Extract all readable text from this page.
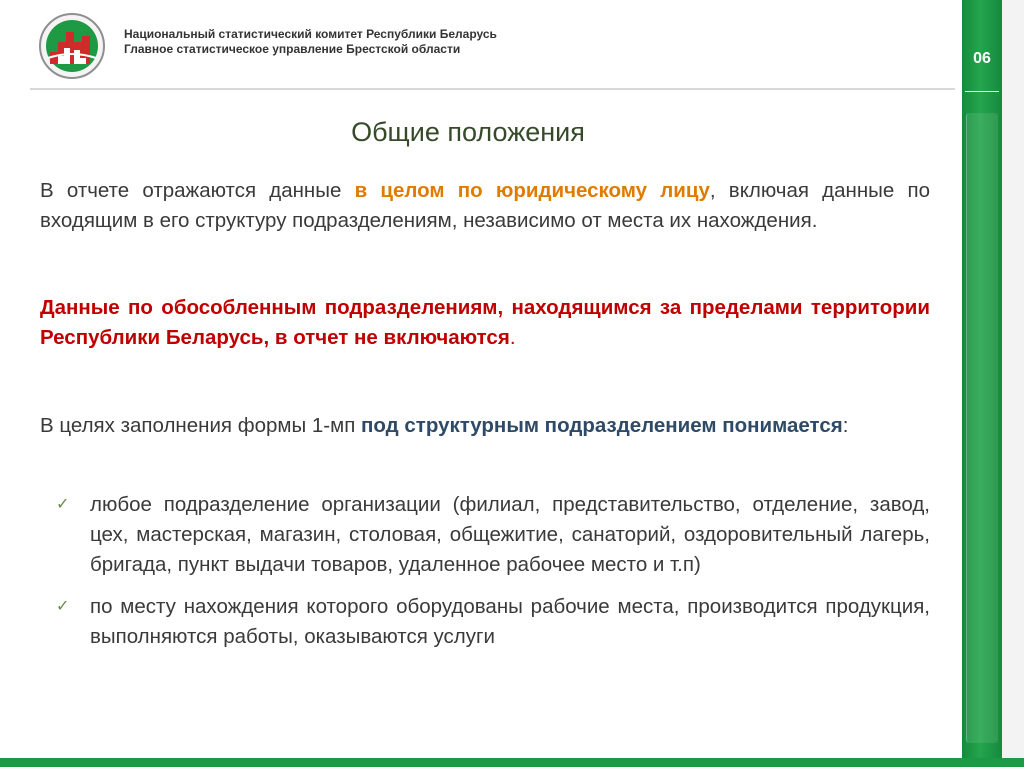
Национальный статистический комитет Республики Беларусь
Главное статистическое управление Брестской области
06
Общие положения

В отчете отражаются данные в целом по юридическому лицу, включая данные по входящим в его структуру подразделениям, независимо от места их нахождения.

Данные по обособленным подразделениям, находящимся за пределами территории Республики Беларусь, в отчет не включаются.

В целях заполнения формы 1-мп под структурным подразделением понимается:

✓ любое подразделение организации (филиал, представительство, отделение, завод, цех, мастерская, магазин, столовая, общежитие, санаторий, оздоровительный лагерь, бригада, пункт выдачи товаров, удаленное рабочее место и т.п)
✓ по месту нахождения которого оборудованы рабочие места, производится продукция, выполняются работы, оказываются услуги
